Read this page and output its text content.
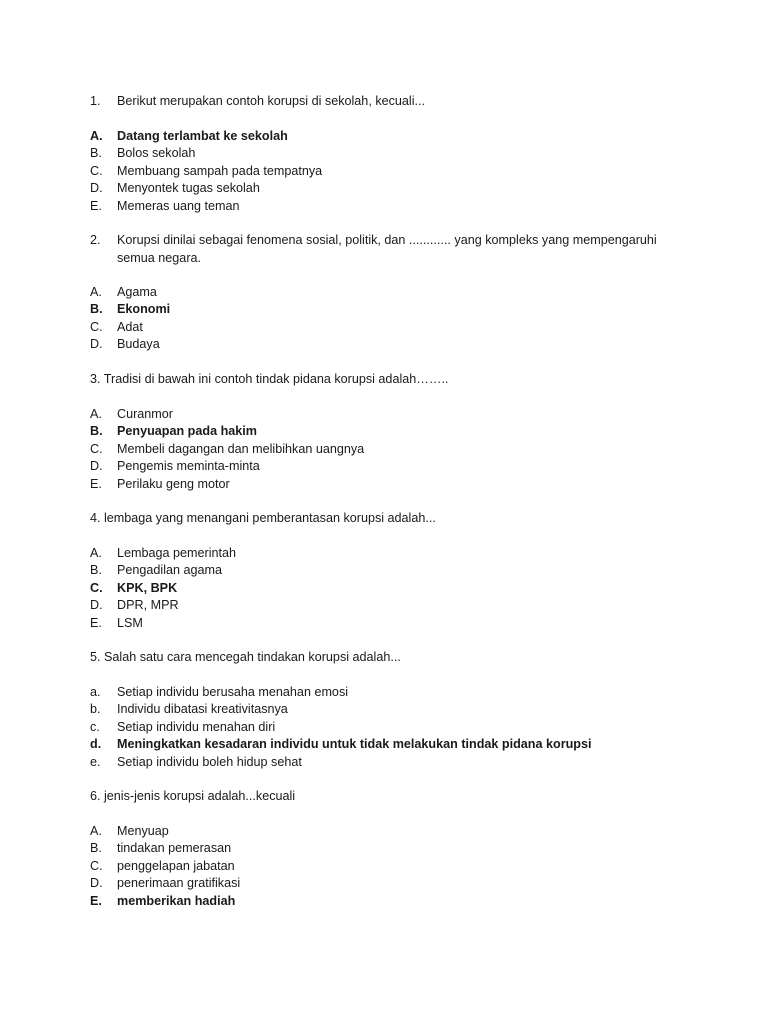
1.	Berikut merupakan contoh korupsi di sekolah, kecuali...
A. Datang terlambat ke sekolah
B. Bolos sekolah
C. Membuang sampah pada tempatnya
D. Menyontek tugas sekolah
E. Memeras uang teman
2.	Korupsi dinilai sebagai fenomena sosial, politik, dan ............ yang kompleks yang mempengaruhi semua negara.
A. Agama
B. Ekonomi
C. Adat
D. Budaya
3. Tradisi di bawah ini contoh tindak pidana korupsi adalah……..
A. Curanmor
B. Penyuapan pada hakim
C. Membeli dagangan dan melibihkan uangnya
D. Pengemis meminta-minta
E. Perilaku geng motor
4. lembaga yang menangani pemberantasan korupsi adalah...
A. Lembaga pemerintah
B. Pengadilan agama
C. KPK, BPK
D. DPR, MPR
E. LSM
5. Salah satu cara mencegah tindakan korupsi adalah...
a. Setiap individu berusaha menahan emosi
b. Individu dibatasi kreativitasnya
c. Setiap individu menahan diri
d. Meningkatkan kesadaran individu untuk tidak melakukan tindak pidana korupsi
e. Setiap individu boleh hidup sehat
6. jenis-jenis korupsi adalah...kecuali
A. Menyuap
B. tindakan pemerasan
C. penggelapan jabatan
D. penerimaan gratifikasi
E. memberikan hadiah
